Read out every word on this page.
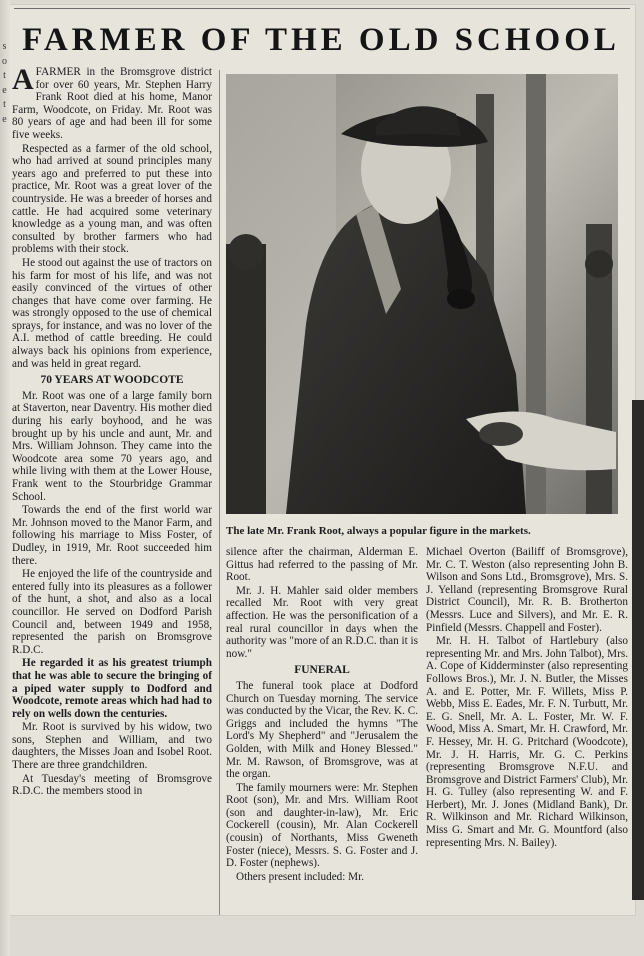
s
o
t
e
t
e
FARMER OF THE OLD SCHOOL

AFARMER in the Bromsgrove district for over 60 years, Mr. Stephen Harry Frank Root died at his home, Manor Farm, Woodcote, on Friday. Mr. Root was 80 years of age and had been ill for some five weeks.

Respected as a farmer of the old school, who had arrived at sound principles many years ago and preferred to put these into practice, Mr. Root was a great lover of the countryside. He was a breeder of horses and cattle. He had acquired some veterinary knowledge as a young man, and was often consulted by brother farmers who had problems with their stock.

He stood out against the use of tractors on his farm for most of his life, and was not easily convinced of the virtues of other changes that have come over farming. He was strongly opposed to the use of chemical sprays, for instance, and was no lover of the A.I. method of cattle breeding. He could always back his opinions from experience, and was held in great regard.

70 YEARS AT WOODCOTE

Mr. Root was one of a large family born at Staverton, near Daventry. His mother died during his early boyhood, and he was brought up by his uncle and aunt, Mr. and Mrs. William Johnson. They came into the Woodcote area some 70 years ago, and while living with them at the Lower House, Frank went to the Stourbridge Grammar School.

Towards the end of the first world war Mr. Johnson moved to the Manor Farm, and following his marriage to Miss Foster, of Dudley, in 1919, Mr. Root succeeded him there.

He enjoyed the life of the countryside and entered fully into its pleasures as a follower of the hunt, a shot, and also as a local councillor. He served on Dodford Parish Council and, between 1949 and 1958, represented the parish on Bromsgrove R.D.C.

He regarded it as his greatest triumph that he was able to secure the bringing of a piped water supply to Dodford and Woodcote, remote areas which had had to rely on wells down the centuries.

Mr. Root is survived by his widow, two sons, Stephen and William, and two daughters, the Misses Joan and Isobel Root. There are three grandchildren.

At Tuesday's meeting of Bromsgrove R.D.C. the members stood in

The late Mr. Frank Root, always a popular figure in the markets.

silence after the chairman, Alderman E. Gittus had referred to the passing of Mr. Root.

Mr. J. H. Mahler said older members recalled Mr. Root with very great affection. He was the personification of a real rural councillor in days when the authority was "more of an R.D.C. than it is now."

FUNERAL

The funeral took place at Dodford Church on Tuesday morning. The service was conducted by the Vicar, the Rev. K. C. Griggs and included the hymns "The Lord's My Shepherd" and "Jerusalem the Golden, with Milk and Honey Blessed." Mr. M. Rawson, of Bromsgrove, was at the organ.

The family mourners were: Mr. Stephen Root (son), Mr. and Mrs. William Root (son and daughter-in-law), Mr. Eric Cockerell (cousin), Mr. Alan Cockerell (cousin) of Northants, Miss Gweneth Foster (niece), Messrs. S. G. Foster and J. D. Foster (nephews).

Others present included: Mr.

Michael Overton (Bailiff of Bromsgrove), Mr. C. T. Weston (also representing John B. Wilson and Sons Ltd., Bromsgrove), Mrs. S. J. Yelland (representing Bromsgrove Rural District Council), Mr. R. B. Brotherton (Messrs. Luce and Silvers), and Mr. E. R. Pinfield (Messrs. Chappell and Foster).

Mr. H. H. Talbot of Hartlebury (also representing Mr. and Mrs. John Talbot), Mrs. A. Cope of Kidderminster (also representing Follows Bros.), Mr. J. N. Butler, the Misses A. and E. Potter, Mr. F. Willets, Miss P. Webb, Miss E. Eades, Mr. F. N. Turbutt, Mr. E. G. Snell, Mr. A. L. Foster, Mr. W. F. Wood, Miss A. Smart, Mr. H. Crawford, Mr. F. Hessey, Mr. H. G. Pritchard (Woodcote), Mr. J. H. Harris, Mr. G. C. Perkins (representing Bromsgrove N.F.U. and Bromsgrove and District Farmers' Club), Mr. H. G. Tulley (also representing W. and F. Herbert), Mr. J. Jones (Midland Bank), Dr. R. Wilkinson and Mr. Richard Wilkinson, Miss G. Smart and Mr. G. Mountford (also representing Mrs. N. Bailey).
